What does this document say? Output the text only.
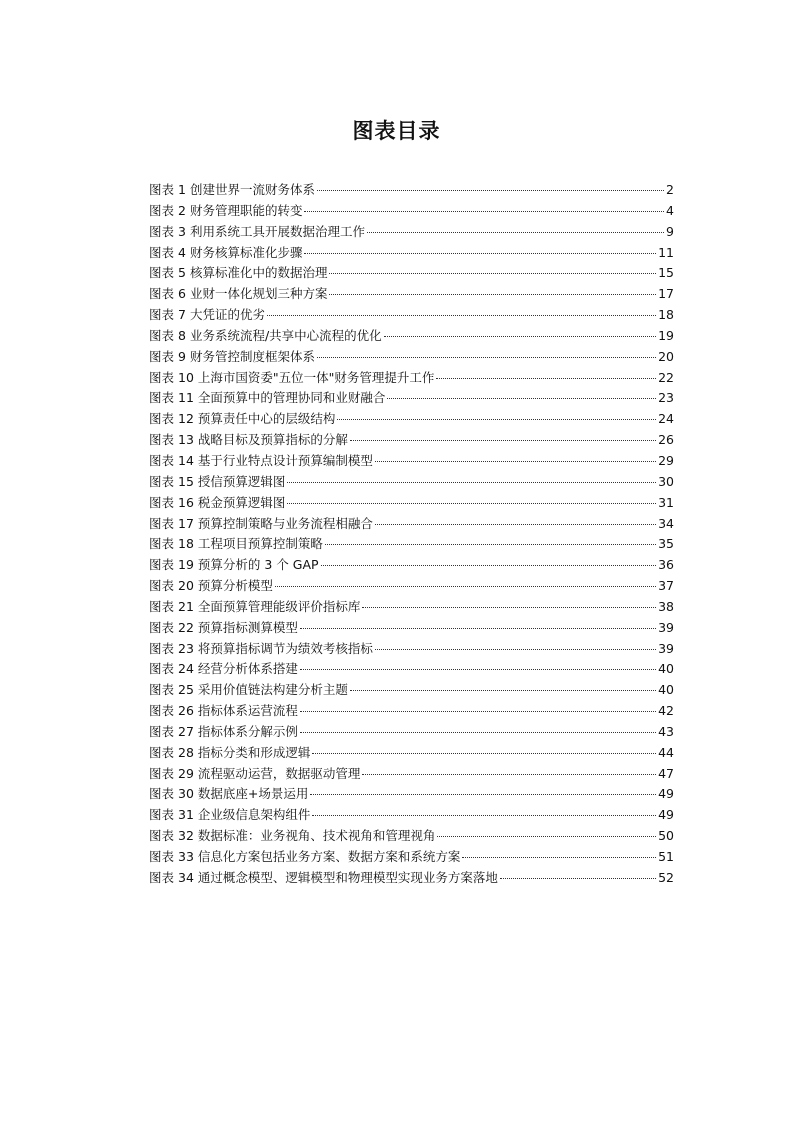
图表目录
图表 1 创建世界一流财务体系	2
图表 2 财务管理职能的转变	4
图表 3 利用系统工具开展数据治理工作	9
图表 4 财务核算标准化步骤	11
图表 5 核算标准化中的数据治理	15
图表 6 业财一体化规划三种方案	17
图表 7 大凭证的优劣	18
图表 8 业务系统流程/共享中心流程的优化	19
图表 9 财务管控制度框架体系	20
图表 10 上海市国资委"五位一体"财务管理提升工作	22
图表 11 全面预算中的管理协同和业财融合	23
图表 12 预算责任中心的层级结构	24
图表 13 战略目标及预算指标的分解	26
图表 14 基于行业特点设计预算编制模型	29
图表 15 授信预算逻辑图	30
图表 16 税金预算逻辑图	31
图表 17 预算控制策略与业务流程相融合	34
图表 18 工程项目预算控制策略	35
图表 19 预算分析的 3 个 GAP	36
图表 20 预算分析模型	37
图表 21 全面预算管理能级评价指标库	38
图表 22 预算指标测算模型	39
图表 23 将预算指标调节为绩效考核指标	39
图表 24 经营分析体系搭建	40
图表 25 采用价值链法构建分析主题	40
图表 26 指标体系运营流程	42
图表 27 指标体系分解示例	43
图表 28 指标分类和形成逻辑	44
图表 29 流程驱动运营，数据驱动管理	47
图表 30 数据底座+场景运用	49
图表 31 企业级信息架构组件	49
图表 32 数据标准：业务视角、技术视角和管理视角	50
图表 33 信息化方案包括业务方案、数据方案和系统方案	51
图表 34 通过概念模型、逻辑模型和物理模型实现业务方案落地	52
